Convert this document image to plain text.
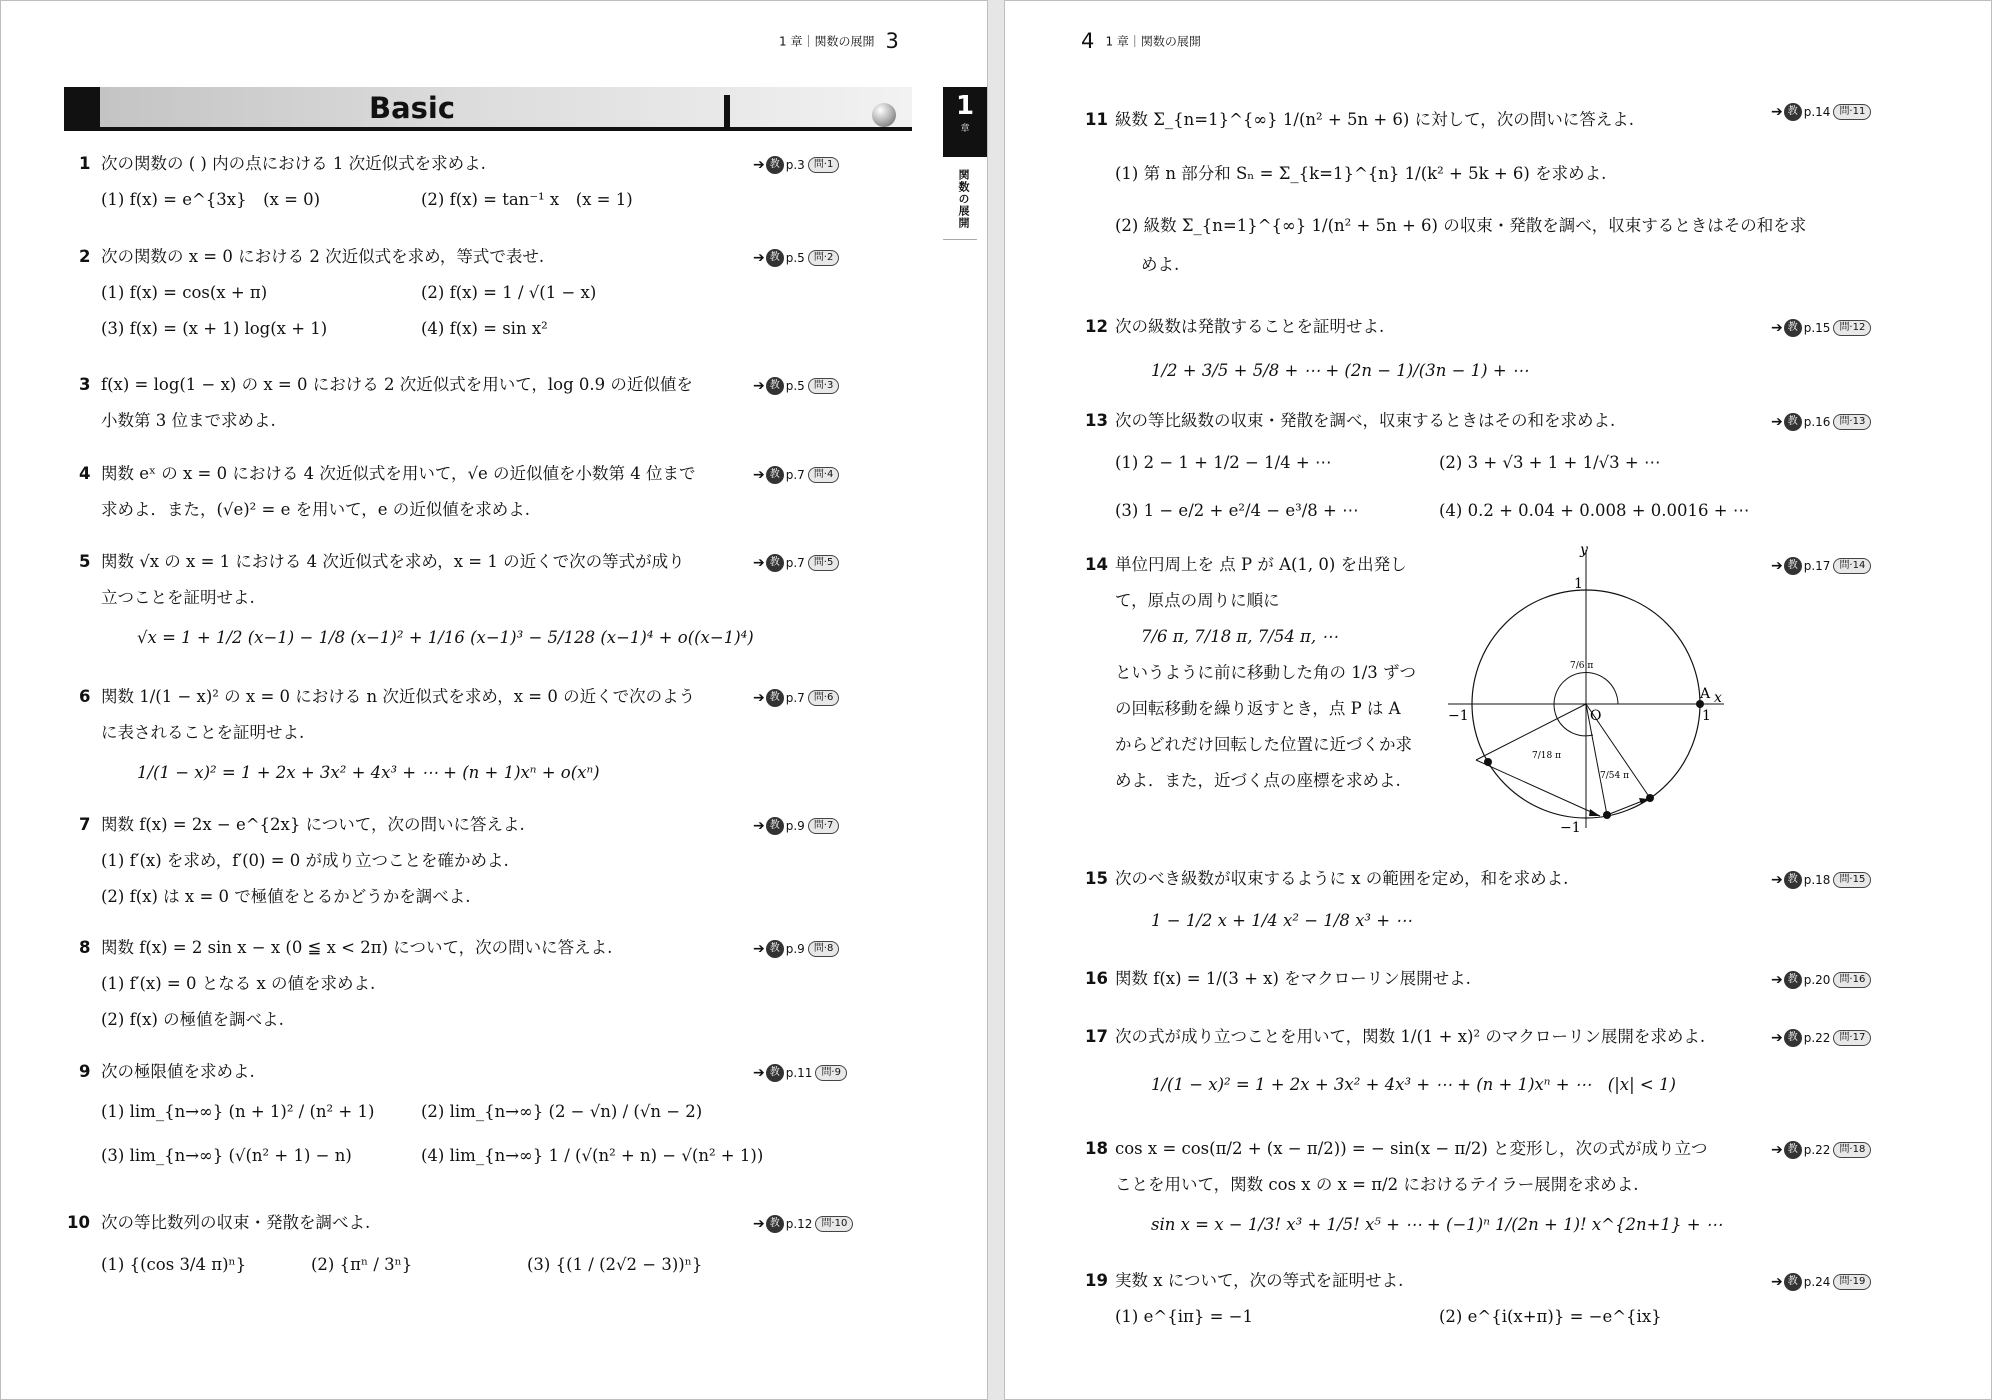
1 章｜関数の展開 3
Basic	1
章
関数の展開
1 次の関数の ( ) 内の点における 1 次近似式を求めよ.
(1) f(x) = e^{3x}　(x = 0)	(2) f(x) = tan⁻¹ x　(x = 1)
➔ 教 p.3 問·1
2 次の関数の x = 0 における 2 次近似式を求め，等式で表せ.
(1) f(x) = cos(x + π)	(2) f(x) = 1 / √(1 − x)
(3) f(x) = (x + 1) log(x + 1)	(4) f(x) = sin x²
➔ 教 p.5 問·2
3 f(x) = log(1 − x) の x = 0 における 2 次近似式を用いて，log 0.9 の近似値を
小数第 3 位まで求めよ.
➔ 教 p.5 問·3
4 関数 eˣ の x = 0 における 4 次近似式を用いて，√e の近似値を小数第 4 位まで
求めよ．また，(√e)² = e を用いて，e の近似値を求めよ.
➔ 教 p.7 問·4
5 関数 √x の x = 1 における 4 次近似式を求め，x = 1 の近くで次の等式が成り
立つことを証明せよ.
√x = 1 + 1/2 (x−1) − 1/8 (x−1)² + 1/16 (x−1)³ − 5/128 (x−1)⁴ + o((x−1)⁴)
➔ 教 p.7 問·5
6 関数 1/(1 − x)² の x = 0 における n 次近似式を求め，x = 0 の近くで次のよう
に表されることを証明せよ.
1/(1 − x)² = 1 + 2x + 3x² + 4x³ + ⋯ + (n + 1)xⁿ + o(xⁿ)
➔ 教 p.7 問·6
7 関数 f(x) = 2x − e^{2x} について，次の問いに答えよ.
(1) f′(x) を求め，f′(0) = 0 が成り立つことを確かめよ.
(2) f(x) は x = 0 で極値をとるかどうかを調べよ.
➔ 教 p.9 問·7
8 関数 f(x) = 2 sin x − x (0 ≦ x < 2π) について，次の問いに答えよ.
(1) f′(x) = 0 となる x の値を求めよ.
(2) f(x) の極値を調べよ.
➔ 教 p.9 問·8
9 次の極限値を求めよ.
(1) lim_{n→∞} (n + 1)² / (n² + 1)	(2) lim_{n→∞} (2 − √n) / (√n − 2)
(3) lim_{n→∞} (√(n² + 1) − n)	(4) lim_{n→∞} 1 / (√(n² + n) − √(n² + 1))
➔ 教 p.11 問·9
10 次の等比数列の収束・発散を調べよ.
(1) {(cos 3/4 π)ⁿ}	(2) {πⁿ / 3ⁿ}	(3) {(1 / (2√2 − 3))ⁿ}
➔ 教 p.12 問·10
4 1 章｜関数の展開
11 級数 Σ_{n=1}^{∞} 1/(n² + 5n + 6) に対して，次の問いに答えよ.
(1) 第 n 部分和 Sₙ = Σ_{k=1}^{n} 1/(k² + 5k + 6) を求めよ.
(2) 級数 Σ_{n=1}^{∞} 1/(n² + 5n + 6) の収束・発散を調べ，収束するときはその和を求
めよ.
➔ 教 p.14 問·11
12 次の級数は発散することを証明せよ.
1/2 + 3/5 + 5/8 + ⋯ + (2n − 1)/(3n − 1) + ⋯
➔ 教 p.15 問·12
13 次の等比級数の収束・発散を調べ，収束するときはその和を求めよ.
(1) 2 − 1 + 1/2 − 1/4 + ⋯	(2) 3 + √3 + 1 + 1/√3 + ⋯
(3) 1 − e/2 + e²/4 − e³/8 + ⋯	(4) 0.2 + 0.04 + 0.008 + 0.0016 + ⋯
➔ 教 p.16 問·13
14 単位円周上を 点 P が A(1, 0) を出発し
て，原点の周りに順に
7/6 π, 7/18 π, 7/54 π, ⋯
というように前に移動した角の 1/3 ずつ
の回転移動を繰り返すとき，点 P は A
からどれだけ回転した位置に近づくか求
めよ．また，近づく点の座標を求めよ.
➔ 教 p.17 問·14
15 次のべき級数が収束するように x の範囲を定め，和を求めよ.
1 − 1/2 x + 1/4 x² − 1/8 x³ + ⋯
➔ 教 p.18 問·15
16 関数 f(x) = 1/(3 + x) をマクローリン展開せよ.	➔ 教 p.20 問·16
17 次の式が成り立つことを用いて，関数 1/(1 + x)² のマクローリン展開を求めよ.
1/(1 − x)² = 1 + 2x + 3x² + 4x³ + ⋯ + (n + 1)xⁿ + ⋯　(|x| < 1)
➔ 教 p.22 問·17
18 cos x = cos(π/2 + (x − π/2)) = − sin(x − π/2) と変形し，次の式が成り立つ
ことを用いて，関数 cos x の x = π/2 におけるテイラー展開を求めよ.
sin x = x − 1/3! x³ + 1/5! x⁵ + ⋯ + (−1)ⁿ 1/(2n + 1)! x^{2n+1} + ⋯
➔ 教 p.22 問·18
19 実数 x について，次の等式を証明せよ.
(1) e^{iπ} = −1	(2) e^{i(x+π)} = −e^{ix}
➔ 教 p.24 問·19
y
x
O
A
1
1
−1
−1
7/6 π
7/18 π
7/54 π
